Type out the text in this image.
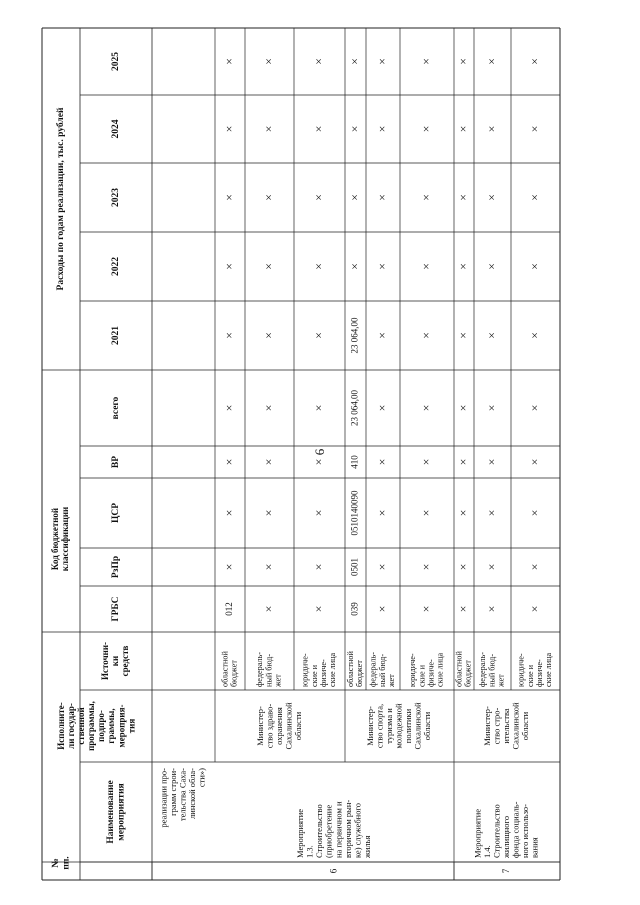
6
№ пп.
Наименование мероприятия
Исполните- ли государ- ственной программы, подпро- граммы, мероприя- тия
Источни- ки средств
Код бюджетной классификации
ГРБС
РзПр
ЦСР
ВР
Расходы по годам реализации, тыс. рублей
всего
2021
2022
2023
2024
2025
реализации про- грамм строи- тельства Саха- линской обла- сти»)
6
Мероприятие 1.3. Строительство (приобретение на первичном и вторичном рын- ке) служебного жилья
Министер- ство здраво- охранения Сахалинской области
областной бюджет
012
×
×
×
×
×
×
×
×
×
федераль- ный бюд- жет
×
×
×
×
×
×
×
×
×
×
юридиче- ские и физиче- ские лица
×
×
×
×
×
×
×
×
×
×
Министер- ство спорта, туризма и молодежной политики Сахалинской области
областной бюджет
039
0501
0510140090
410
23 064,00
23 064,00
×
×
×
×
федераль- ный бюд- жет
×
×
×
×
×
×
×
×
×
×
юридиче- ские и физиче- ские лица
×
×
×
×
×
×
×
×
×
×
7
Мероприятие 1.4. Строительство жилищного фонда социаль- ного использо- вания
Министер- ство стро- ительства Сахалинской области
областной бюджет
×
×
×
×
×
×
×
×
×
×
федераль- ный бюд- жет
×
×
×
×
×
×
×
×
×
×
юридиче- ские и физиче- ские лица
×
×
×
×
×
×
×
×
×
×
